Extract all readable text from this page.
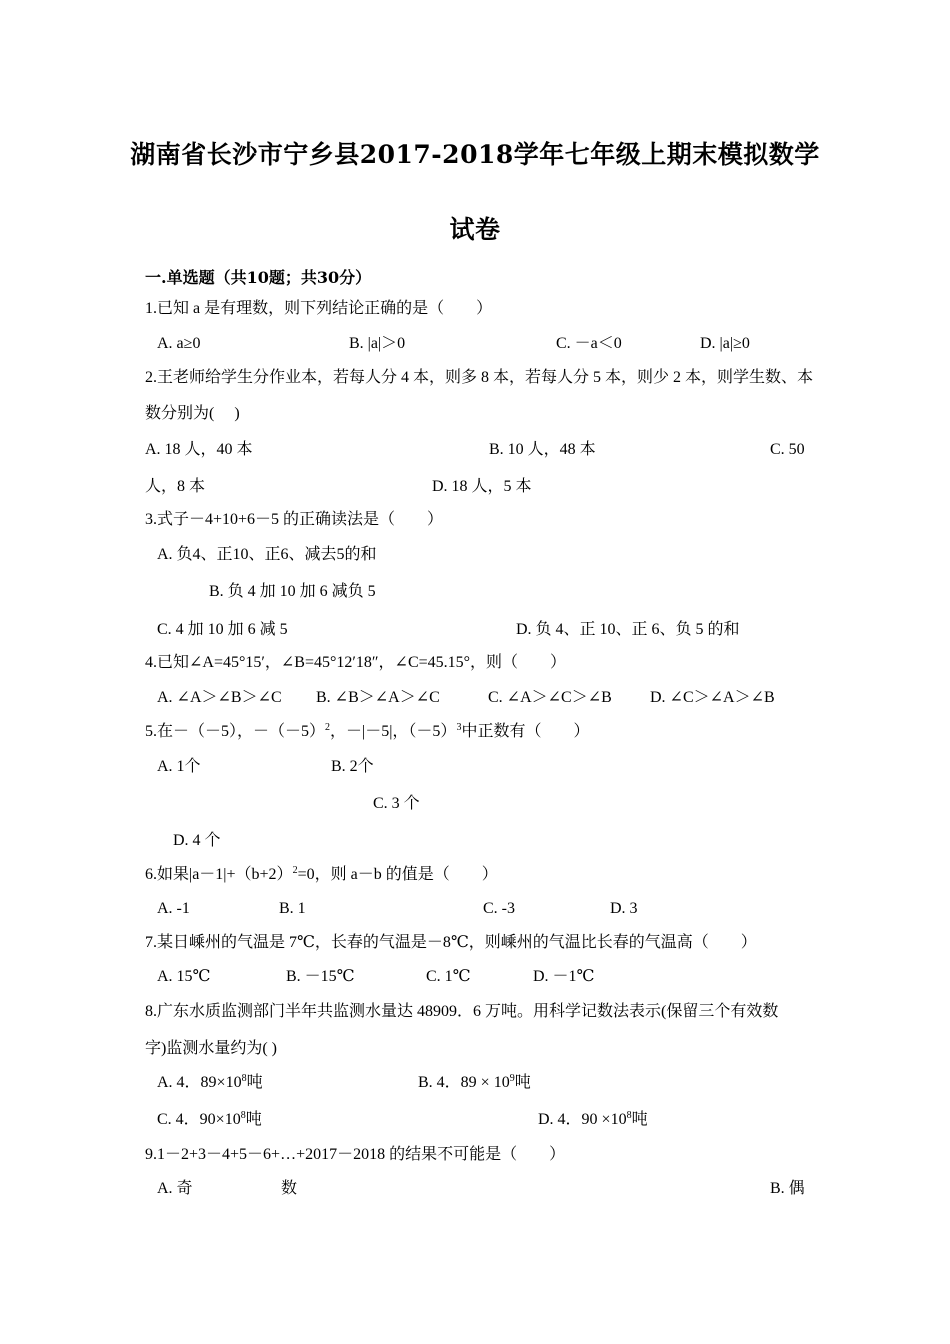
湖南省长沙市宁乡县2017-2018学年七年级上期末模拟数学
试卷
一.单选题（共10题；共30分）
1.已知 a 是有理数，则下列结论正确的是（　　）
A. a≥0	B. |a|＞0	C. －a＜0	D. |a|≥0
2.王老师给学生分作业本，若每人分 4 本，则多 8 本，若每人分 5 本，则少 2 本，则学生数、本
数分别为(　 )
A. 18 人，40 本	B. 10 人，48 本	C. 50
人，8 本	D. 18 人，5 本
3.式子－4+10+6－5 的正确读法是（　　）
A. 负4、正10、正6、减去5的和
B. 负 4 加 10 加 6 减负 5
C. 4 加 10 加 6 减 5	D. 负 4、正 10、正 6、负 5 的和
4.已知∠A=45°15′，∠B=45°12′18″，∠C=45.15°，则（　　）
A. ∠A＞∠B＞∠C B. ∠B＞∠A＞∠C	C. ∠A＞∠C＞∠B D. ∠C＞∠A＞∠B
5.在－（－5），$-(-5)^2$，－|－5|，$(-5)^3$中正数有（　　）
A. 1个	B. 2个
C. 3 个
D. 4 个
6.如果$|a-1|+(b+2)^2=0$，则 a－b 的值是（　　）
A. -1	B. 1	C. -3	D. 3
7.某日嵊州的气温是 7℃，长春的气温是－8℃，则嵊州的气温比长春的气温高（　　）
A. 15℃	B. －15℃	C. 1℃	D. －1℃
8.广东水质监测部门半年共监测水量达 48909．6 万吨。用科学记数法表示(保留三个有效数
字)监测水量约为( )
A. 4．$89\times 10^8$吨	B. 4．$89 \times 10^9$吨
C. 4．$90\times 10^8$吨	D. 4．$90 \times 10^8$吨
9.1－2+3－4+5－6+…+2017－2018 的结果不可能是（　　）
A. 奇	数	B. 偶
